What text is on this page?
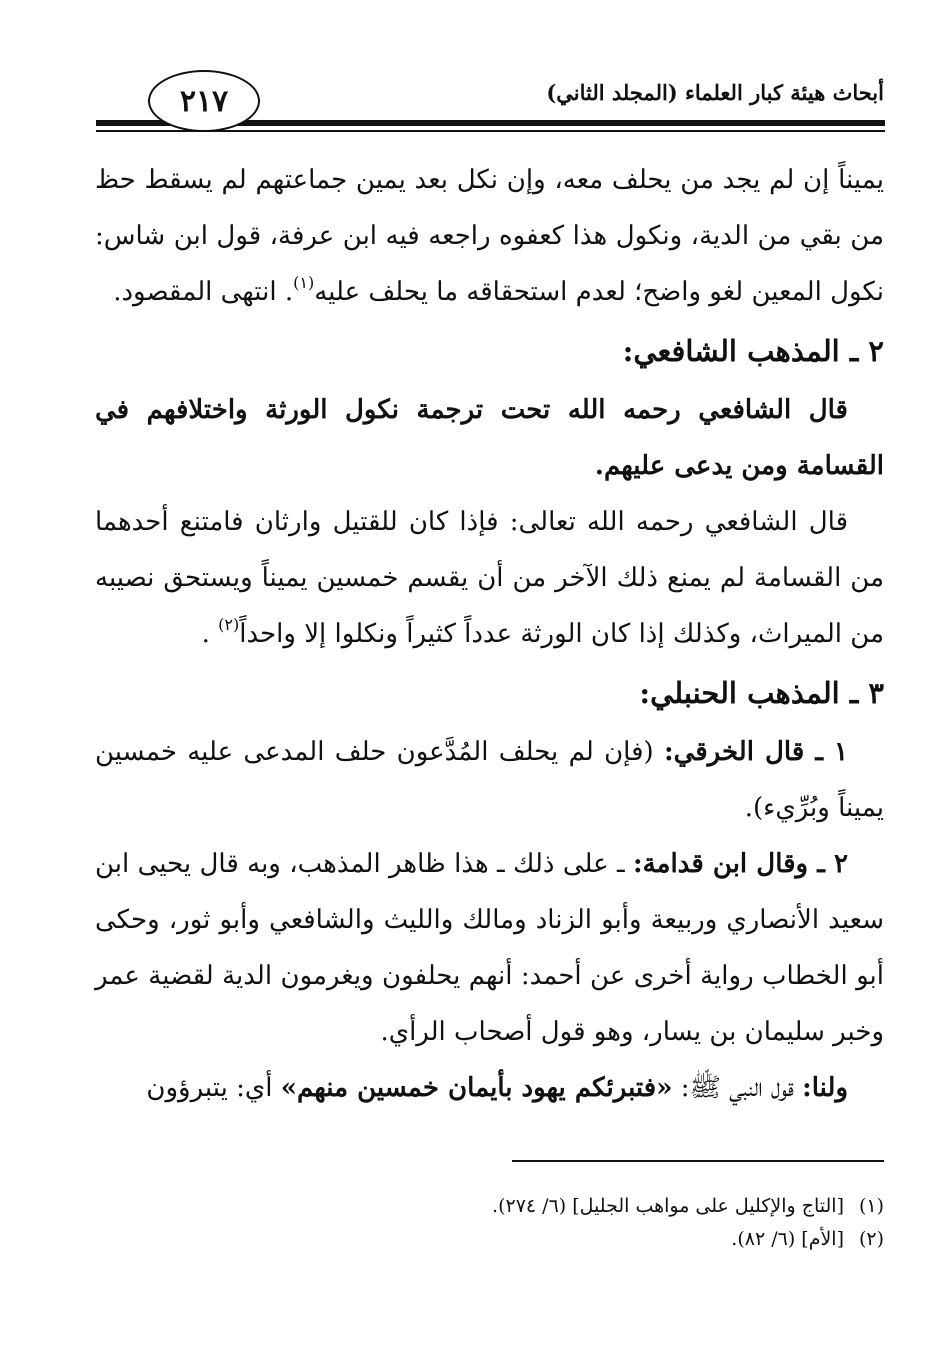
٢١٧	أبحاث هيئة كبار العلماء (المجلد الثاني)

يميناً إن لم يجد من يحلف معه، وإن نكل بعد يمين جماعتهم لم يسقط حظ من بقي من الدية، ونكول هذا كعفوه راجعه فيه ابن عرفة، قول ابن شاس: نكول المعين لغو واضح؛ لعدم استحقاقه ما يحلف عليه$^{(١)}$. انتهى المقصود.

٢ ـ المذهب الشافعي:

قال الشافعي رحمه الله تحت ترجمة نكول الورثة واختلافهم في القسامة ومن يدعى عليهم.

قال الشافعي رحمه الله تعالى: فإذا كان للقتيل وارثان فامتنع أحدهما من القسامة لم يمنع ذلك الآخر من أن يقسم خمسين يميناً ويستحق نصيبه من الميراث، وكذلك إذا كان الورثة عدداً كثيراً ونكلوا إلا واحداً$^{(٢)}$ .

٣ ـ المذهب الحنبلي:

١ ـ قال الخرقي: (فإن لم يحلف المُدَّعون حلف المدعى عليه خمسين يميناً وبُرِّيء).

٢ ـ وقال ابن قدامة: ـ على ذلك ـ هذا ظاهر المذهب، وبه قال يحيى ابن سعيد الأنصاري وربيعة وأبو الزناد ومالك والليث والشافعي وأبو ثور، وحكى أبو الخطاب رواية أخرى عن أحمد: أنهم يحلفون ويغرمون الدية لقضية عمر وخبر سليمان بن يسار، وهو قول أصحاب الرأي.

ولنا: قول النبي ﷺ: «فتبرئكم يهود بأيمان خمسين منهم» أي: يتبرؤون

(١)[التاج والإكليل على مواهب الجليل] (٦/ ٢٧٤).
(٢)[الأم] (٦/ ٨٢).
